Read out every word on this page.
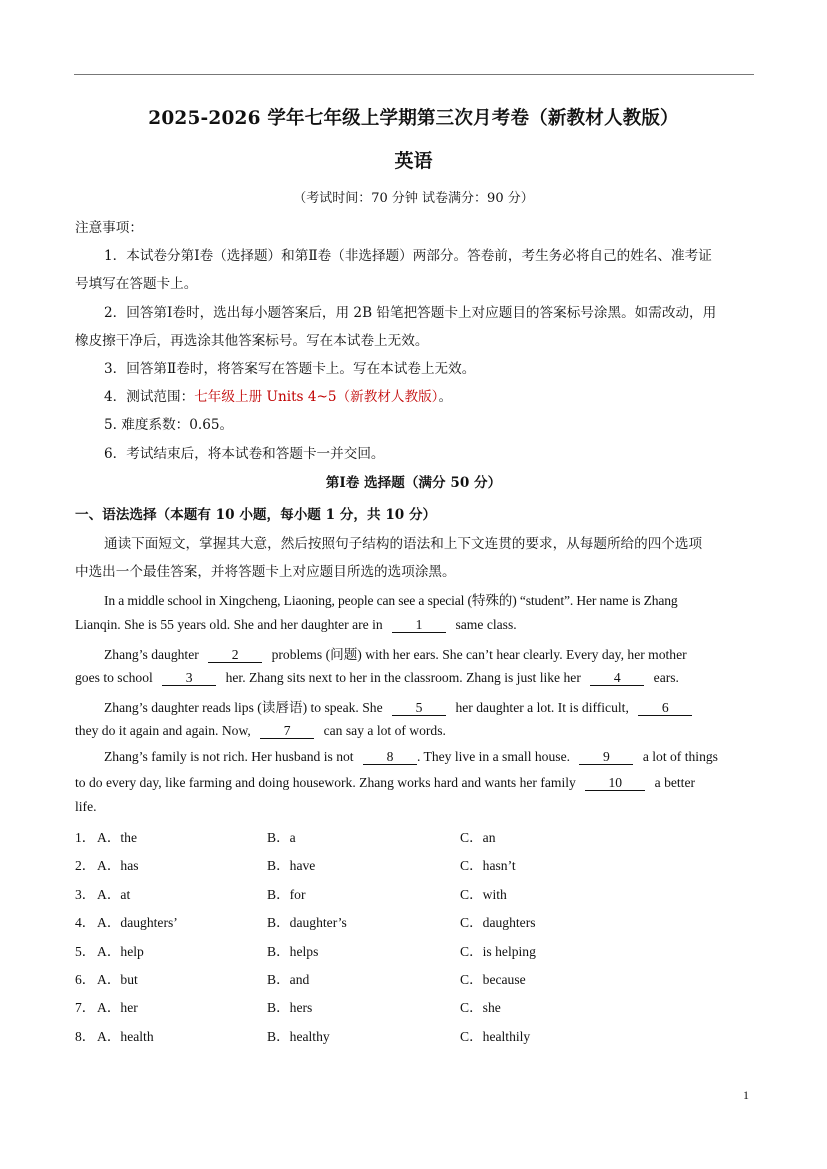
2025-2026 学年七年级上学期第三次月考卷（新教材人教版）
英语
（考试时间：70 分钟 试卷满分：90 分）
注意事项：
1．本试卷分第Ⅰ卷（选择题）和第Ⅱ卷（非选择题）两部分。答卷前，考生务必将自己的姓名、准考证
号填写在答题卡上。
2．回答第Ⅰ卷时，选出每小题答案后，用 2B 铅笔把答题卡上对应题目的答案标号涂黑。如需改动，用
橡皮擦干净后，再选涂其他答案标号。写在本试卷上无效。
3．回答第Ⅱ卷时，将答案写在答题卡上。写在本试卷上无效。
4．测试范围：七年级上册 Units 4~5（新教材人教版）。
5. 难度系数：0.65。
6．考试结束后，将本试卷和答题卡一并交回。
第Ⅰ卷 选择题（满分 50 分）
一、语法选择（本题有 10 小题，每小题 1 分，共 10 分）
通读下面短文，掌握其大意，然后按照句子结构的语法和上下文连贯的要求，从每题所给的四个选项
中选出一个最佳答案，并将答题卡上对应题目所选的选项涂黑。
In a middle school in Xingcheng, Liaoning, people can see a special (特殊的) “student”. Her name is Zhang
Lianqin. She is 55 years old. She and her daughter are in 1 same class.
Zhang’s daughter 2 problems (问题) with her ears. She can’t hear clearly. Every day, her mother
goes to school 3 her. Zhang sits next to her in the classroom. Zhang is just like her 4 ears.
Zhang’s daughter reads lips (读唇语) to speak. She 5 her daughter a lot. It is difficult, 6
they do it again and again. Now, 7 can say a lot of words.
Zhang’s family is not rich. Her husband is not 8 . They live in a small house. 9 a lot of things
to do every day, like farming and doing housework. Zhang works hard and wants her family 10 a better
life.
1． A．the	B．a	C．an
2． A．has	B．have	C．hasn’t
3． A．at	B．for	C．with
4． A．daughters’	B．daughter’s	C．daughters
5． A．help	B．helps	C．is helping
6． A．but	B．and	C．because
7． A．her	B．hers	C．she
8． A．health	B．healthy	C．healthily
1
